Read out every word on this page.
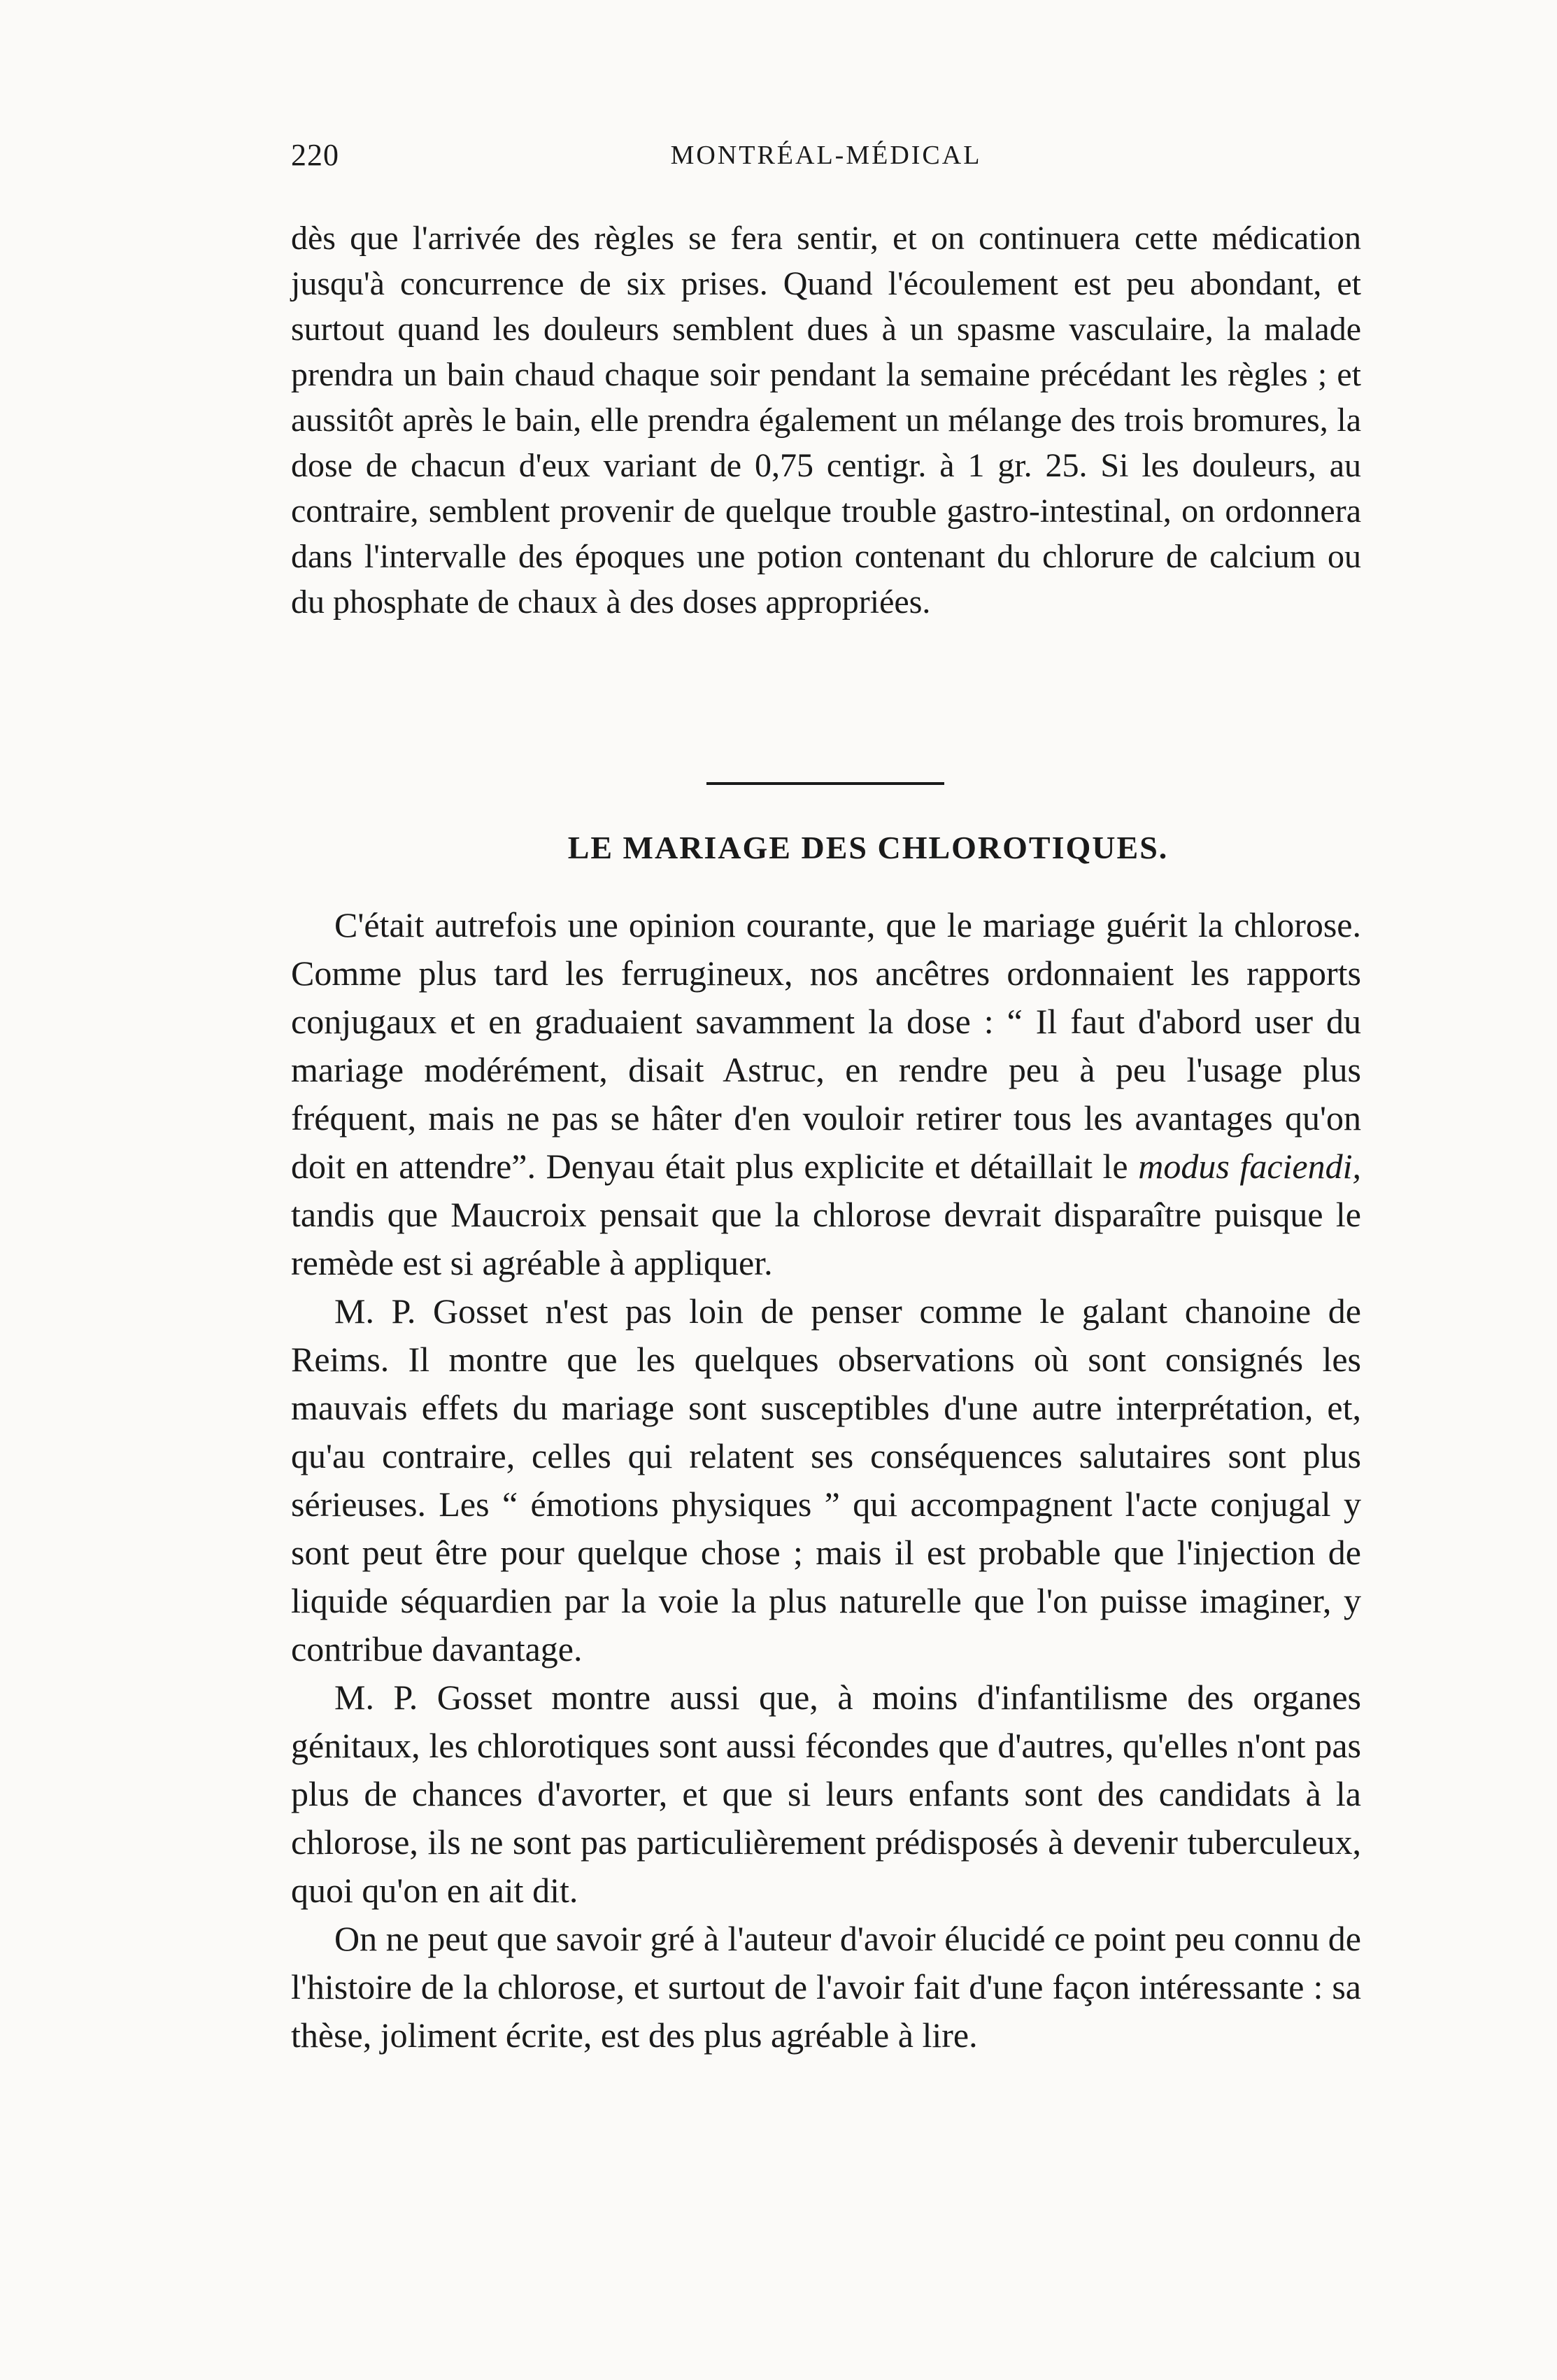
220	MONTRÉAL-MÉDICAL
dès que l'arrivée des règles se fera sentir, et on continuera cette médication jusqu'à concurrence de six prises. Quand l'écoulement est peu abondant, et surtout quand les douleurs semblent dues à un spasme vasculaire, la malade prendra un bain chaud chaque soir pendant la semaine précédant les règles ; et aussitôt après le bain, elle prendra également un mélange des trois bromures, la dose de chacun d'eux variant de 0,75 centigr. à 1 gr. 25. Si les douleurs, au contraire, semblent provenir de quelque trouble gastro-intestinal, on ordonnera dans l'intervalle des époques une potion contenant du chlorure de calcium ou du phosphate de chaux à des doses appropriées.
LE MARIAGE DES CHLOROTIQUES.

C'était autrefois une opinion courante, que le mariage guérit la chlorose. Comme plus tard les ferrugineux, nos ancêtres ordonnaient les rapports conjugaux et en graduaient savamment la dose : “ Il faut d'abord user du mariage modérément, disait Astruc, en rendre peu à peu l'usage plus fréquent, mais ne pas se hâter d'en vouloir retirer tous les avantages qu'on doit en attendre”. Denyau était plus explicite et détaillait le modus faciendi, tandis que Maucroix pensait que la chlorose devrait disparaître puisque le remède est si agréable à appliquer.

M. P. Gosset n'est pas loin de penser comme le galant chanoine de Reims. Il montre que les quelques observations où sont consignés les mauvais effets du mariage sont susceptibles d'une autre interprétation, et, qu'au contraire, celles qui relatent ses conséquences salutaires sont plus sérieuses. Les “ émotions physiques ” qui accompagnent l'acte conjugal y sont peut être pour quelque chose ; mais il est probable que l'injection de liquide séquardien par la voie la plus naturelle que l'on puisse imaginer, y contribue davantage.

M. P. Gosset montre aussi que, à moins d'infantilisme des organes génitaux, les chlorotiques sont aussi fécondes que d'autres, qu'elles n'ont pas plus de chances d'avorter, et que si leurs enfants sont des candidats à la chlorose, ils ne sont pas particulièrement prédisposés à devenir tuberculeux, quoi qu'on en ait dit.

On ne peut que savoir gré à l'auteur d'avoir élucidé ce point peu connu de l'histoire de la chlorose, et surtout de l'avoir fait d'une façon intéressante : sa thèse, joliment écrite, est des plus agréable à lire.
